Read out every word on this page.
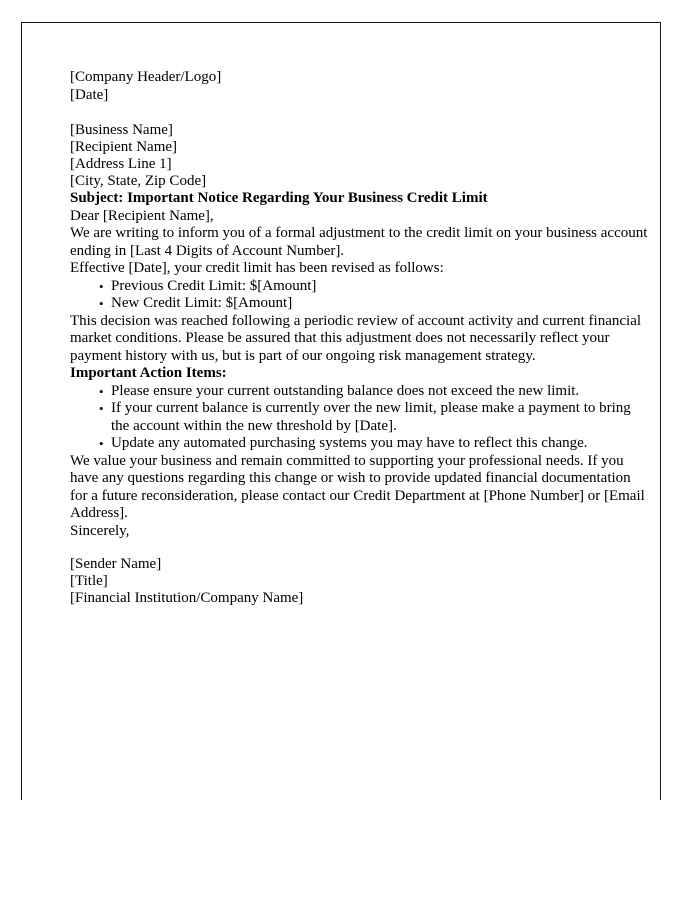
[Company Header/Logo]

[Date]

[Business Name]

[Recipient Name]

[Address Line 1]

[City, State, Zip Code]

Subject: Important Notice Regarding Your Business Credit Limit

Dear [Recipient Name],

We are writing to inform you of a formal adjustment to the credit limit on your business account ending in [Last 4 Digits of Account Number].

Effective [Date], your credit limit has been revised as follows:

• Previous Credit Limit: $[Amount]
• New Credit Limit: $[Amount]

This decision was reached following a periodic review of account activity and current financial market conditions. Please be assured that this adjustment does not necessarily reflect your payment history with us, but is part of our ongoing risk management strategy.

Important Action Items:

• Please ensure your current outstanding balance does not exceed the new limit.
• If your current balance is currently over the new limit, please make a payment to bring the account within the new threshold by [Date].
• Update any automated purchasing systems you may have to reflect this change.

We value your business and remain committed to supporting your professional needs. If you have any questions regarding this change or wish to provide updated financial documentation for a future reconsideration, please contact our Credit Department at [Phone Number] or [Email Address].

Sincerely,

[Sender Name]

[Title]

[Financial Institution/Company Name]
